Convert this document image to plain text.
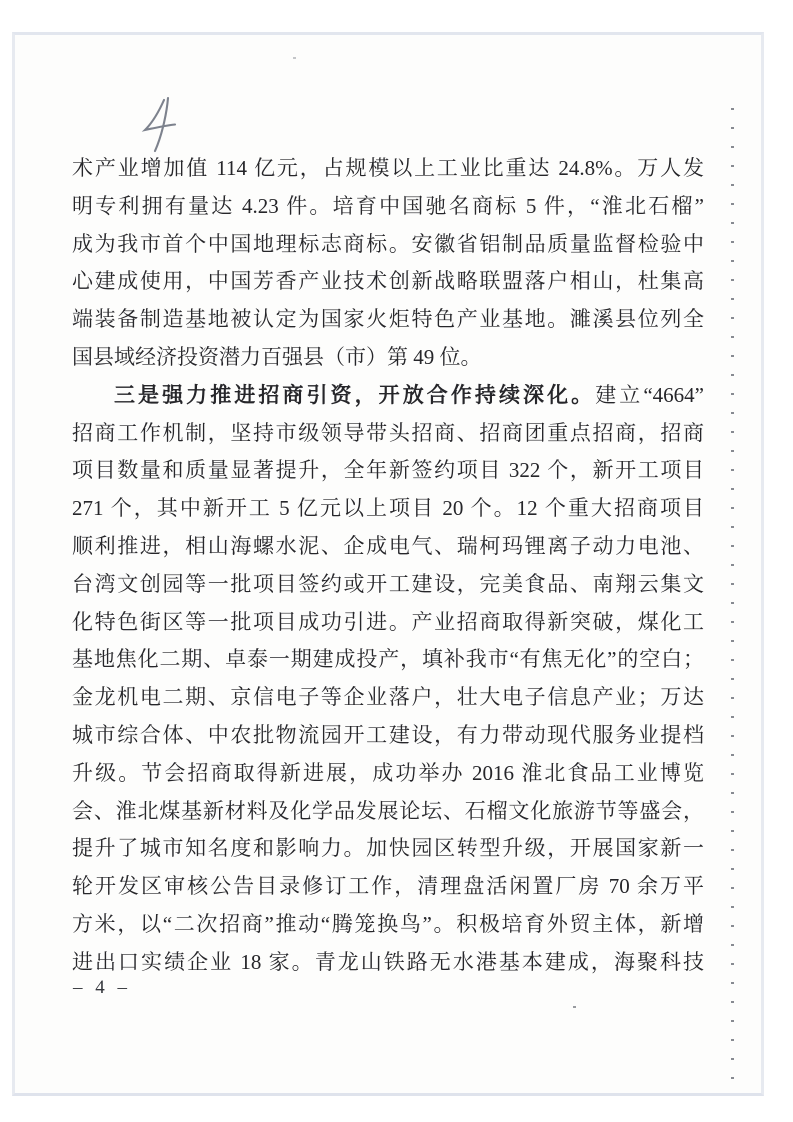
术产业增加值 114 亿元，占规模以上工业比重达 24.8%。万人发
明专利拥有量达 4.23 件。培育中国驰名商标 5 件，“淮北石榴”
成为我市首个中国地理标志商标。安徽省铝制品质量监督检验中
心建成使用，中国芳香产业技术创新战略联盟落户相山，杜集高
端装备制造基地被认定为国家火炬特色产业基地。濉溪县位列全
国县域经济投资潜力百强县（市）第 49 位。
三是强力推进招商引资，开放合作持续深化。建立“4664”
招商工作机制，坚持市级领导带头招商、招商团重点招商，招商
项目数量和质量显著提升，全年新签约项目 322 个，新开工项目
271 个，其中新开工 5 亿元以上项目 20 个。12 个重大招商项目
顺利推进，相山海螺水泥、企成电气、瑞柯玛锂离子动力电池、
台湾文创园等一批项目签约或开工建设，完美食品、南翔云集文
化特色街区等一批项目成功引进。产业招商取得新突破，煤化工
基地焦化二期、卓泰一期建成投产，填补我市“有焦无化”的空白；
金龙机电二期、京信电子等企业落户，壮大电子信息产业；万达
城市综合体、中农批物流园开工建设，有力带动现代服务业提档
升级。节会招商取得新进展，成功举办 2016 淮北食品工业博览
会、淮北煤基新材料及化学品发展论坛、石榴文化旅游节等盛会，
提升了城市知名度和影响力。加快园区转型升级，开展国家新一
轮开发区审核公告目录修订工作，清理盘活闲置厂房 70 余万平
方米，以“二次招商”推动“腾笼换鸟”。积极培育外贸主体，新增
进出口实绩企业 18 家。青龙山铁路无水港基本建成，海聚科技
– 4 –
